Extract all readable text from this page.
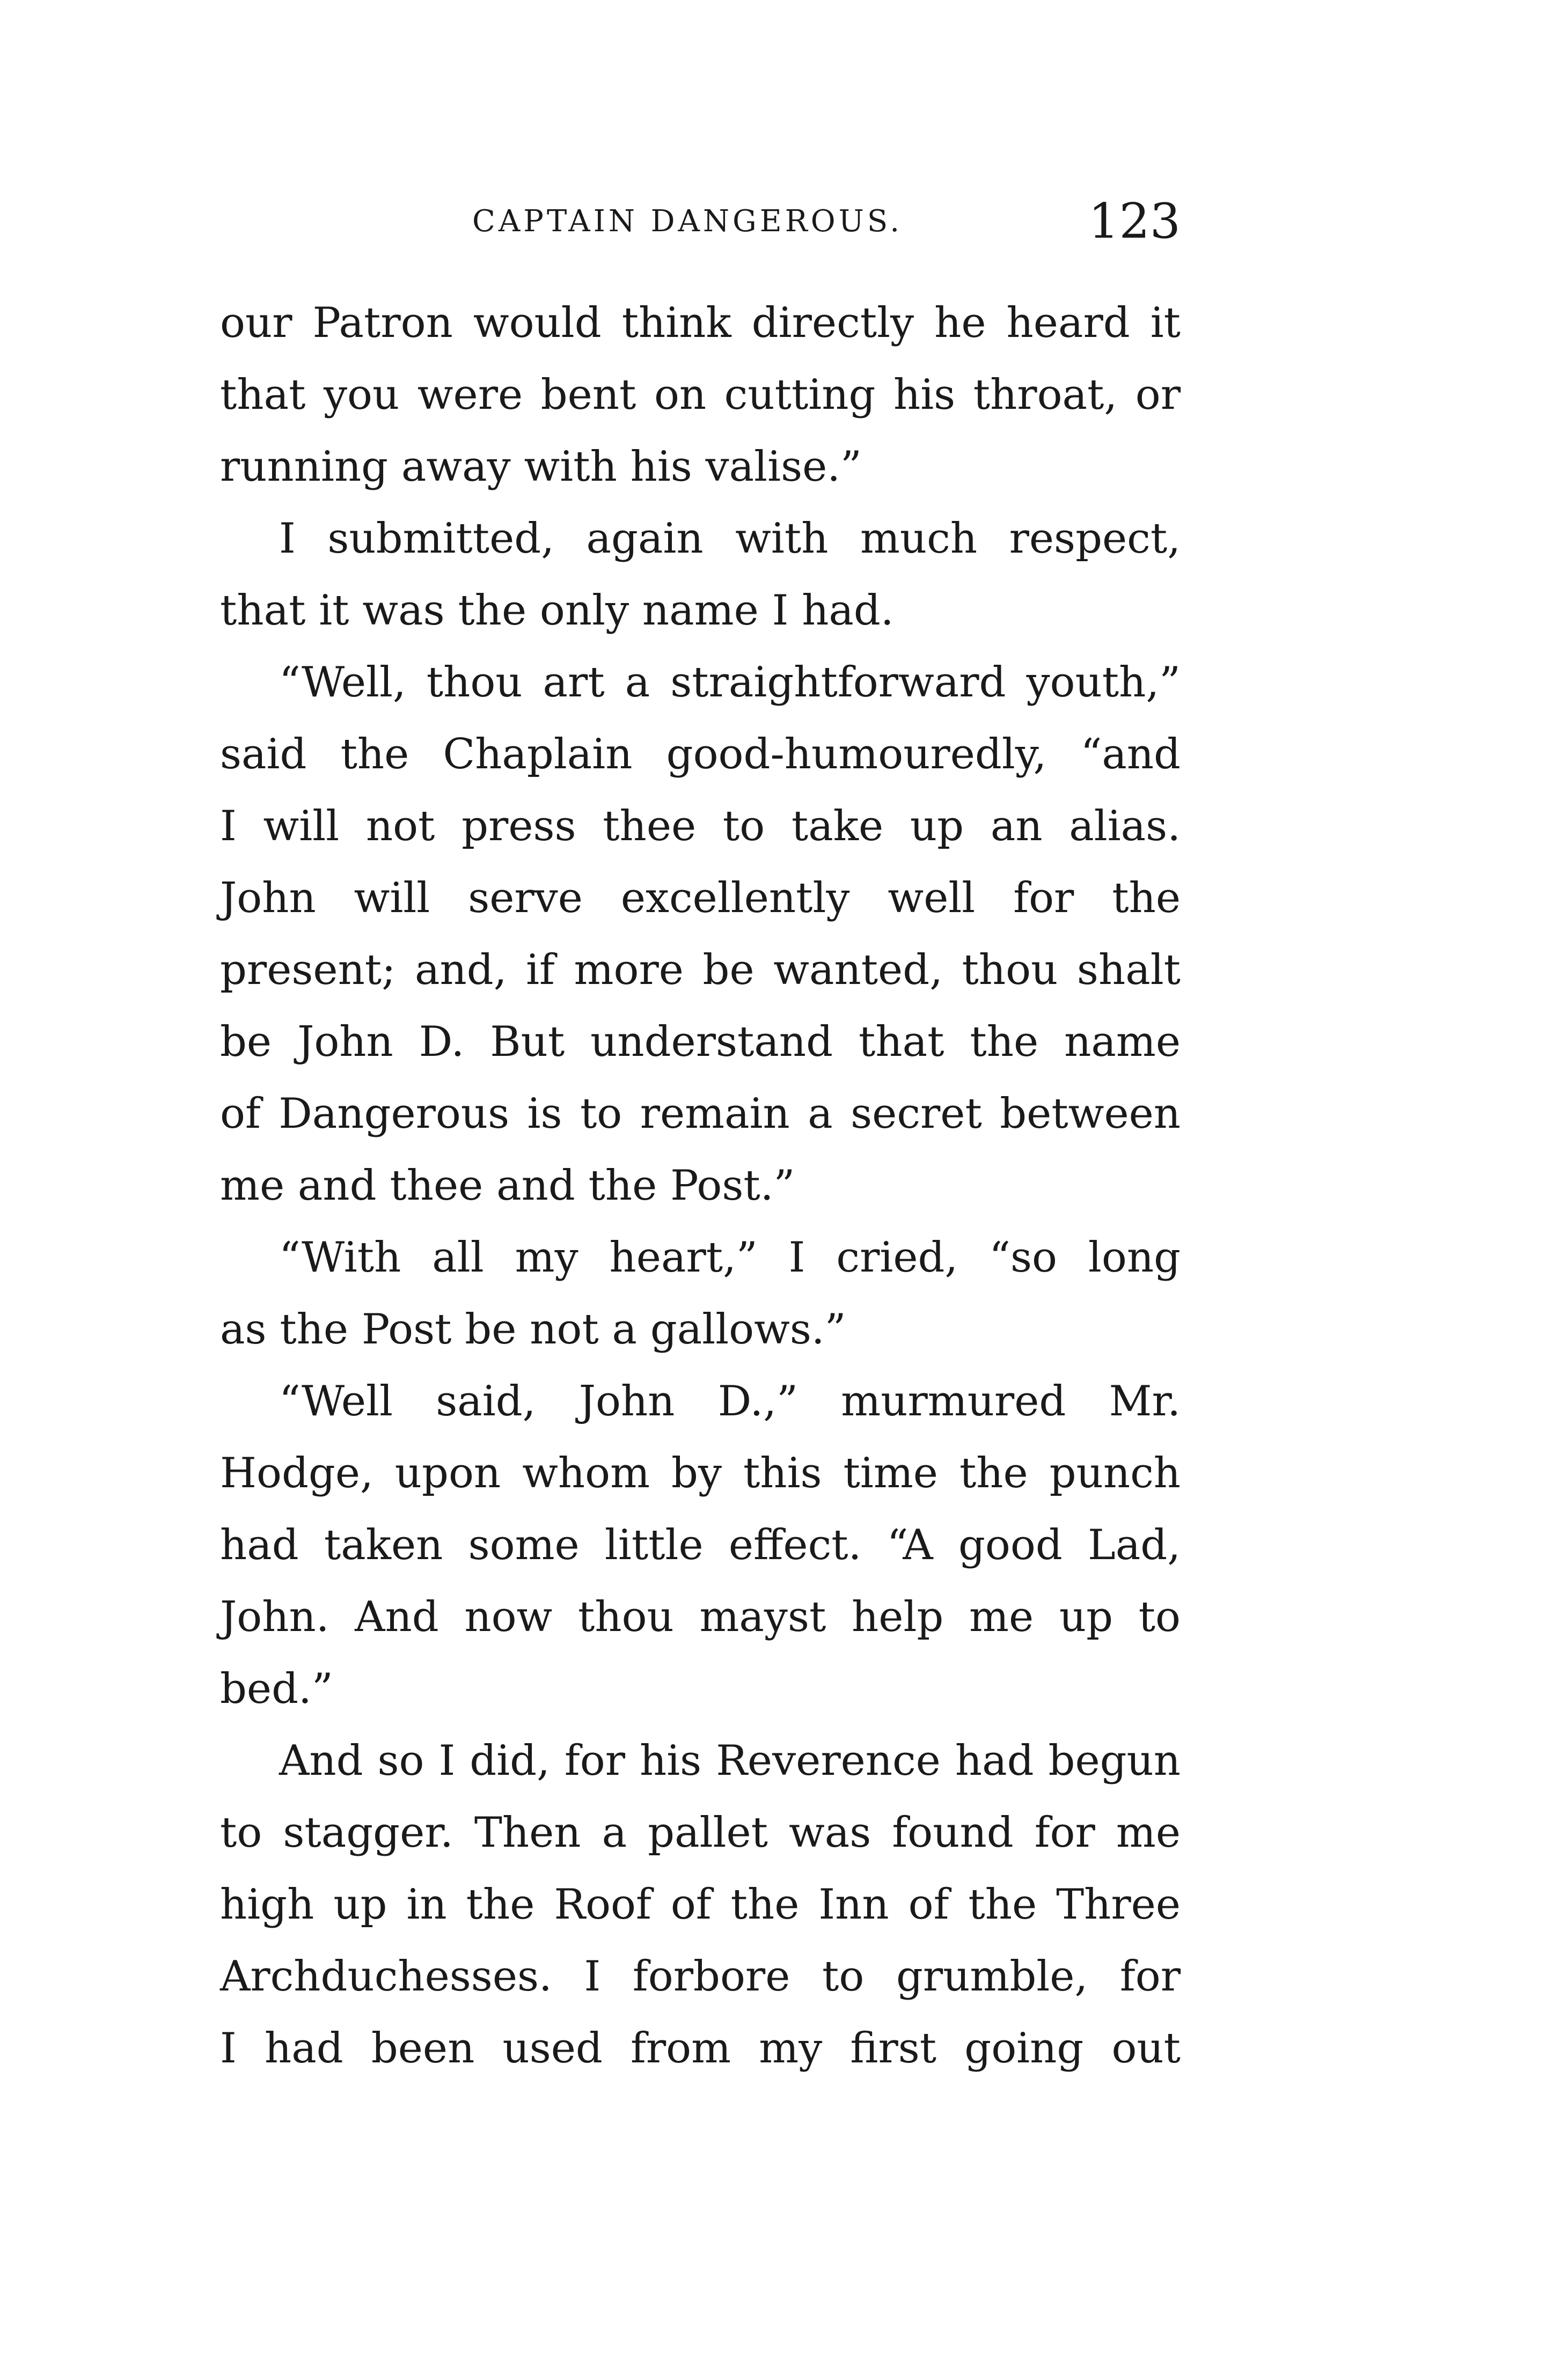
CAPTAIN DANGEROUS.	123
our Patron would think directly he heard it
that you were bent on cutting his throat, or
running away with his valise.”
I submitted, again with much respect,
that it was the only name I had.
“Well, thou art a straightforward youth,”
said the Chaplain good-humouredly, “and
I will not press thee to take up an alias.
John will serve excellently well for the
present; and, if more be wanted, thou shalt
be John D. But understand that the name
of Dangerous is to remain a secret between
me and thee and the Post.”
“With all my heart,” I cried, “so long
as the Post be not a gallows.”
“Well said, John D.,” murmured Mr.
Hodge, upon whom by this time the punch
had taken some little effect. “A good Lad,
John. And now thou mayst help me up to
bed.”
And so I did, for his Reverence had begun
to stagger. Then a pallet was found for me
high up in the Roof of the Inn of the Three
Archduchesses. I forbore to grumble, for
I had been used from my first going out
